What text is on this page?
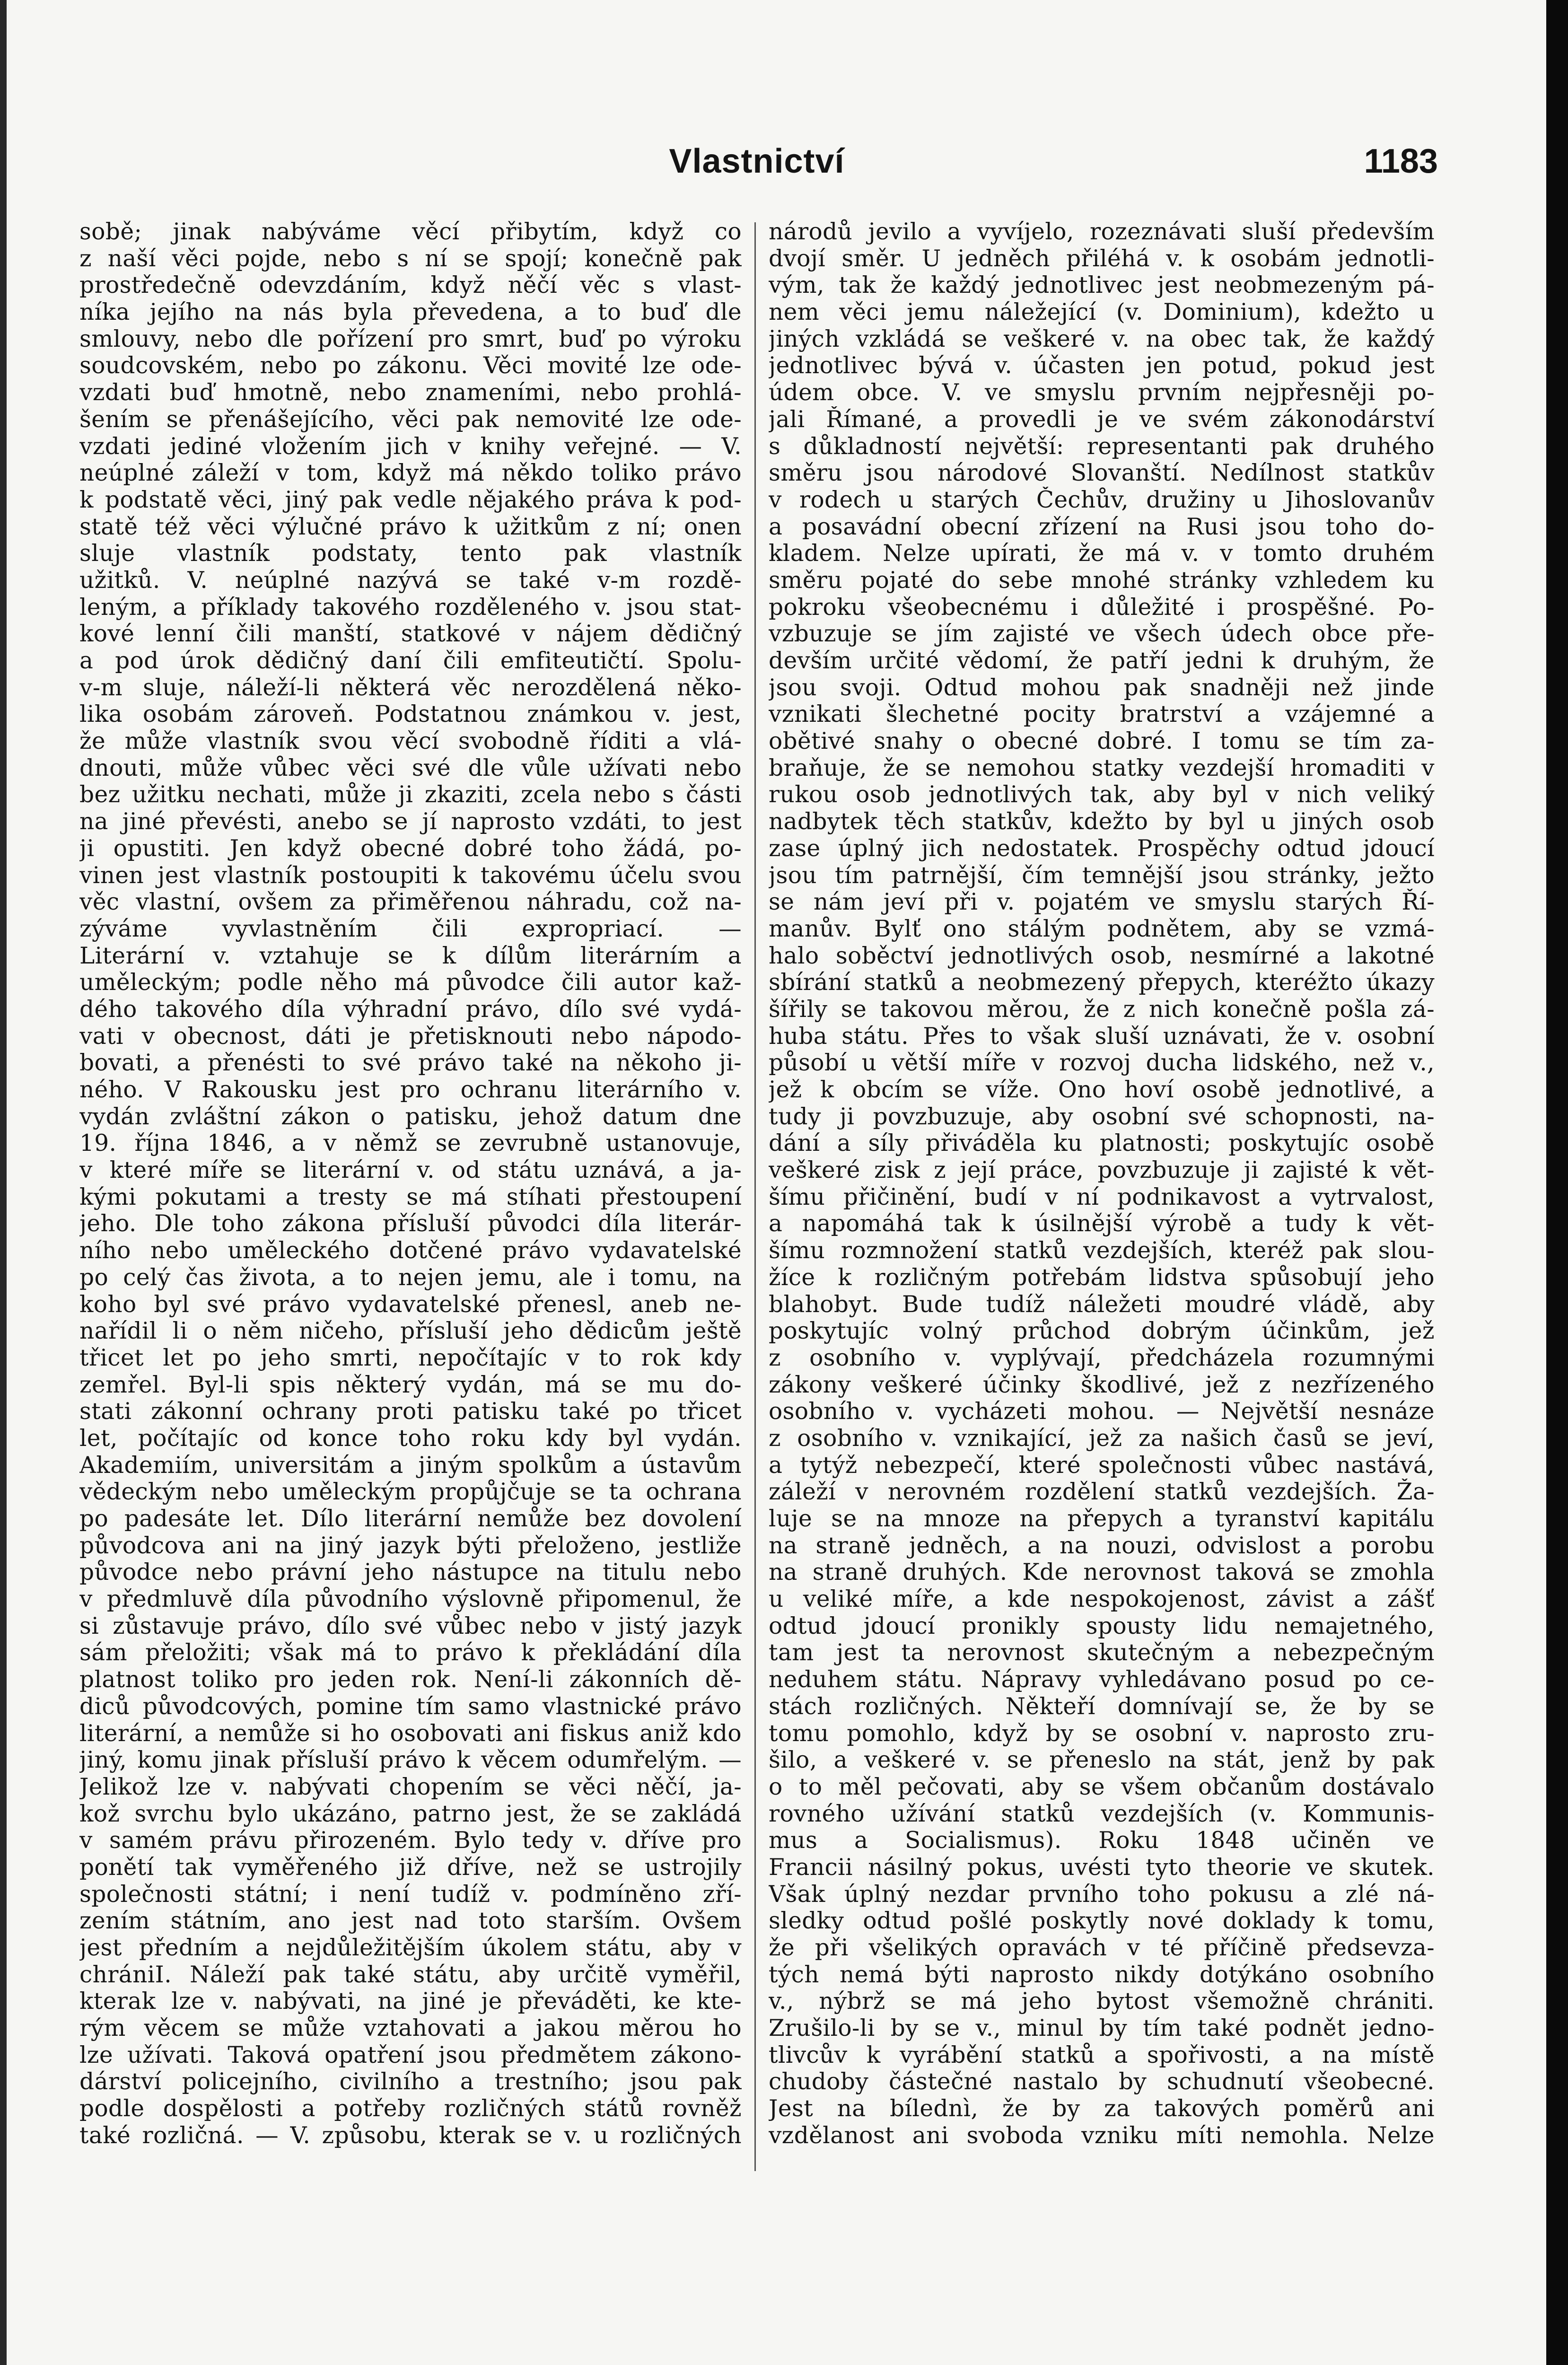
Vlastnictví	1183
sobě; jinak nabýváme věcí přibytím, když co
z naší věci pojde, nebo s ní se spojí; konečně pak
prostředečně odevzdáním, když něčí věc s vlast-
níka jejího na nás byla převedena, a to buď dle
smlouvy, nebo dle pořízení pro smrt, buď po výroku
soudcovském, nebo po zákonu. Věci movité lze ode-
vzdati buď hmotně, nebo znameními, nebo prohlá-
šením se přenášejícího, věci pak nemovité lze ode-
vzdati jediné vložením jich v knihy veřejné. — V.
neúplné záleží v tom, když má někdo toliko právo
k podstatě věci, jiný pak vedle nějakého práva k pod-
statě též věci výlučné právo k užitkům z ní; onen
sluje vlastník podstaty, tento pak vlastník
užitků. V. neúplné nazývá se také v-m rozdě-
leným, a příklady takového rozděleného v. jsou stat-
kové lenní čili manští, statkové v nájem dědičný
a pod úrok dědičný daní čili emfiteutičtí. Spolu-
v-m sluje, náleží-li některá věc nerozdělená něko-
lika osobám zároveň. Podstatnou známkou v. jest,
že může vlastník svou věcí svobodně říditi a vlá-
dnouti, může vůbec věci své dle vůle užívati nebo
bez užitku nechati, může ji zkaziti, zcela nebo s části
na jiné převésti, anebo se jí naprosto vzdáti, to jest
ji opustiti. Jen když obecné dobré toho žádá, po-
vinen jest vlastník postoupiti k takovému účelu svou
věc vlastní, ovšem za přiměřenou náhradu, což na-
zýváme vyvlastněním čili expropriací. —
Literární v. vztahuje se k dílům literárním a
uměleckým; podle něho má původce čili autor kaž-
dého takového díla výhradní právo, dílo své vydá-
vati v obecnost, dáti je přetisknouti nebo nápodo-
bovati, a přenésti to své právo také na někoho ji-
ného. V Rakousku jest pro ochranu literárního v.
vydán zvláštní zákon o patisku, jehož datum dne
19. října 1846, a v němž se zevrubně ustanovuje,
v které míře se literární v. od státu uznává, a ja-
kými pokutami a tresty se má stíhati přestoupení
jeho. Dle toho zákona přísluší původci díla literár-
ního nebo uměleckého dotčené právo vydavatelské
po celý čas života, a to nejen jemu, ale i tomu, na
koho byl své právo vydavatelské přenesl, aneb ne-
nařídil li o něm ničeho, přísluší jeho dědicům ještě
třicet let po jeho smrti, nepočítajíc v to rok kdy
zemřel. Byl-li spis některý vydán, má se mu do-
stati zákonní ochrany proti patisku také po třicet
let, počítajíc od konce toho roku kdy byl vydán.
Akademiím, universitám a jiným spolkům a ústavům
vědeckým nebo uměleckým propůjčuje se ta ochrana
po padesáte let. Dílo literární nemůže bez dovolení
původcova ani na jiný jazyk býti přeloženo, jestliže
původce nebo právní jeho nástupce na titulu nebo
v předmluvě díla původního výslovně připomenul, že
si zůstavuje právo, dílo své vůbec nebo v jistý jazyk
sám přeložiti; však má to právo k překládání díla
platnost toliko pro jeden rok. Není-li zákonních dě-
diců původcových, pomine tím samo vlastnické právo
literární, a nemůže si ho osobovati ani fiskus aniž kdo
jiný, komu jinak přísluší právo k věcem odumřelým. —
Jelikož lze v. nabývati chopením se věci něčí, ja-
kož svrchu bylo ukázáno, patrno jest, že se zakládá
v samém právu přirozeném. Bylo tedy v. dříve pro
ponětí tak vyměřeného již dříve, než se ustrojily
společnosti státní; i není tudíž v. podmíněno zří-
zením státním, ano jest nad toto starším. Ovšem
jest předním a nejdůležitějším úkolem státu, aby v
chrániI. Náleží pak také státu, aby určitě vyměřil,
kterak lze v. nabývati, na jiné je převáděti, ke kte-
rým věcem se může vztahovati a jakou měrou ho
lze užívati. Taková opatření jsou předmětem zákono-
dárství policejního, civilního a trestního; jsou pak
podle dospělosti a potřeby rozličných států rovněž
také rozličná. — V. způsobu, kterak se v. u rozličných
národů jevilo a vyvíjelo, rozeznávati sluší především
dvojí směr. U jedněch přiléhá v. k osobám jednotli-
vým, tak že každý jednotlivec jest neobmezeným pá-
nem věci jemu náležející (v. Dominium), kdežto u
jiných vzkládá se veškeré v. na obec tak, že každý
jednotlivec bývá v. účasten jen potud, pokud jest
údem obce. V. ve smyslu prvním nejpřesněji po-
jali Římané, a provedli je ve svém zákonodárství
s důkladností největší: representanti pak druhého
směru jsou národové Slovanští. Nedílnost statkův
v rodech u starých Čechův, družiny u Jihoslovanův
a posavádní obecní zřízení na Rusi jsou toho do-
kladem. Nelze upírati, že má v. v tomto druhém
směru pojaté do sebe mnohé stránky vzhledem ku
pokroku všeobecnému i důležité i prospěšné. Po-
vzbuzuje se jím zajisté ve všech údech obce pře-
devším určité vědomí, že patří jedni k druhým, že
jsou svoji. Odtud mohou pak snadněji než jinde
vznikati šlechetné pocity bratrství a vzájemné a
obětivé snahy o obecné dobré. I tomu se tím za-
braňuje, že se nemohou statky vezdejší hromaditi v
rukou osob jednotlivých tak, aby byl v nich veliký
nadbytek těch statkův, kdežto by byl u jiných osob
zase úplný jich nedostatek. Prospěchy odtud jdoucí
jsou tím patrnější, čím temnější jsou stránky, ježto
se nám jeví při v. pojatém ve smyslu starých Ří-
manův. Bylť ono stálým podnětem, aby se vzmá-
halo soběctví jednotlivých osob, nesmírné a lakotné
sbírání statků a neobmezený přepych, kteréžto úkazy
šířily se takovou měrou, že z nich konečně pošla zá-
huba státu. Přes to však sluší uznávati, že v. osobní
působí u větší míře v rozvoj ducha lidského, než v.,
jež k obcím se víže. Ono hoví osobě jednotlivé, a
tudy ji povzbuzuje, aby osobní své schopnosti, na-
dání a síly přiváděla ku platnosti; poskytujíc osobě
veškeré zisk z její práce, povzbuzuje ji zajisté k vět-
šímu přičinění, budí v ní podnikavost a vytrvalost,
a napomáhá tak k úsilnější výrobě a tudy k vět-
šímu rozmnožení statků vezdejších, kteréž pak slou-
žíce k rozličným potřebám lidstva spůsobují jeho
blahobyt. Bude tudíž náležeti moudré vládě, aby
poskytujíc volný průchod dobrým účinkům, jež
z osobního v. vyplývají, předcházela rozumnými
zákony veškeré účinky škodlivé, jež z nezřízeného
osobního v. vycházeti mohou. — Největší nesnáze
z osobního v. vznikající, jež za našich časů se jeví,
a tytýž nebezpečí, které společnosti vůbec nastává,
záleží v nerovném rozdělení statků vezdejších. Ža-
luje se na mnoze na přepych a tyranství kapitálu
na straně jedněch, a na nouzi, odvislost a porobu
na straně druhých. Kde nerovnost taková se zmohla
u veliké míře, a kde nespokojenost, závist a zášť
odtud jdoucí pronikly spousty lidu nemajetného,
tam jest ta nerovnost skutečným a nebezpečným
neduhem státu. Nápravy vyhledávano posud po ce-
stách rozličných. Někteří domnívají se, že by se
tomu pomohlo, když by se osobní v. naprosto zru-
šilo, a veškeré v. se přeneslo na stát, jenž by pak
o to měl pečovati, aby se všem občanům dostávalo
rovného užívání statků vezdejších (v. Kommunis-
mus a Socialismus). Roku 1848 učiněn ve
Francii násilný pokus, uvésti tyto theorie ve skutek.
Však úplný nezdar prvního toho pokusu a zlé ná-
sledky odtud pošlé poskytly nové doklady k tomu,
že při všelikých opravách v té příčině předsevza-
tých nemá býti naprosto nikdy dotýkáno osobního
v., nýbrž se má jeho bytost všemožně chrániti.
Zrušilo-li by se v., minul by tím také podnět jedno-
tlivcův k vyrábění statků a spořivosti, a na místě
chudoby částečné nastalo by schudnutí všeobecné.
Jest na bílednì, že by za takových poměrů ani
vzdělanost ani svoboda vzniku míti nemohla. Nelze
